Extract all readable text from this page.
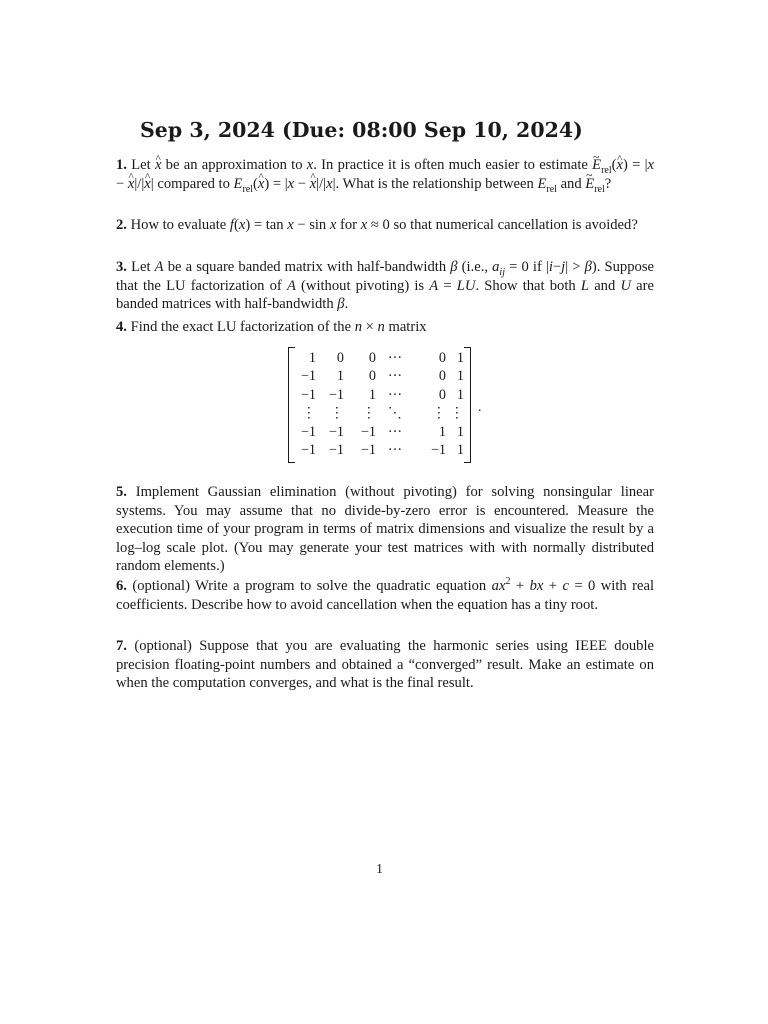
Sep 3, 2024 (Due: 08:00 Sep 10, 2024)

1. Let ^ x be an approximation to x. In practice it is often much easier to estimate ~ $E_{rel}(\^{}$ x) = |x − ^ x|/|^ x| compared to $E_{rel}(\^{}$ x) = |x − ^ x|/|x|. What is the relationship between $E_{rel}$ and ~ $E_{rel}$?

2. How to evaluate f(x) = tan x − sin x for x ≈ 0 so that numerical cancellation is avoided?

3. Let A be a square banded matrix with half-bandwidth β (i.e., $a_{ij} = 0$ if |i−j| > β). Suppose that the LU factorization of A (without pivoting) is A = LU. Show that both L and U are banded matrices with half-bandwidth β.

4. Find the exact LU factorization of the n × n matrix

1	0	0	···	0	1
−1	1	0	···	0	1
−1	−1	1	···	0	1
⋮	⋮	⋮	⋱	⋮	⋮
−1	−1	−1	···	1	1
−1	−1	−1	···	−1	1
.

5. Implement Gaussian elimination (without pivoting) for solving nonsingular linear systems. You may assume that no divide-by-zero error is encountered. Measure the execution time of your program in terms of matrix dimensions and visualize the result by a log–log scale plot. (You may generate your test matrices with with normally distributed random elements.)

6. (optional) Write a program to solve the quadratic equation $ax^2$ + bx + c = 0 with real coefficients. Describe how to avoid cancellation when the equation has a tiny root.

7. (optional) Suppose that you are evaluating the harmonic series using IEEE double precision floating-point numbers and obtained a “converged” result. Make an estimate on when the computation converges, and what is the final result.

1
